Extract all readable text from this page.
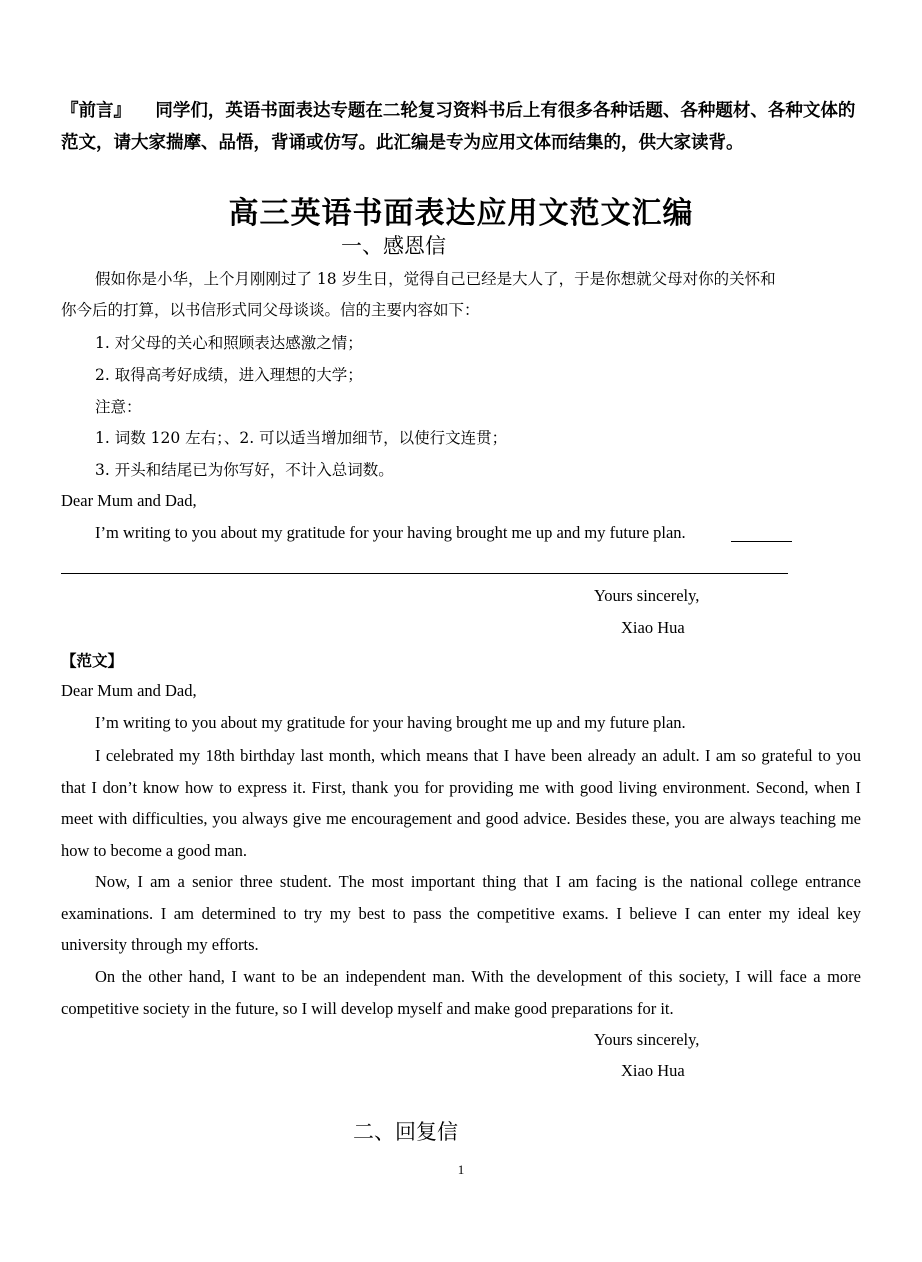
『前言』 同学们，英语书面表达专题在二轮复习资料书后上有很多各种话题、各种题材、各种文体的范文，请大家揣摩、品悟，背诵或仿写。此汇编是专为应用文体而结集的，供大家读背。
高三英语书面表达应用文范文汇编
一、感恩信
假如你是小华，上个月刚刚过了 18 岁生日，觉得自己已经是大人了，于是你想就父母对你的关怀和
你今后的打算，以书信形式同父母谈谈。信的主要内容如下：
1. 对父母的关心和照顾表达感激之情；
2. 取得高考好成绩，进入理想的大学；
注意：
1. 词数 120 左右；、2. 可以适当增加细节，以使行文连贯；
3. 开头和结尾已为你写好，不计入总词数。
Dear Mum and Dad,
I’m writing to you about my gratitude for your having brought me up and my future plan.
Yours sincerely,
Xiao Hua
【范文】
Dear Mum and Dad,
I’m writing to you about my gratitude for your having brought me up and my future plan.
I celebrated my 18th birthday last month, which means that I have been already an adult. I am so grateful to you that I don’t know how to express it. First, thank you for providing me with good living environment. Second, when I meet with difficulties, you always give me encouragement and good advice. Besides these, you are always teaching me how to become a good man.
Now, I am a senior three student. The most important thing that I am facing is the national college entrance examinations. I am determined to try my best to pass the competitive exams. I believe I can enter my ideal key university through my efforts.
On the other hand, I want to be an independent man. With the development of this society, I will face a more competitive society in the future, so I will develop myself and make good preparations for it.
Yours sincerely,
Xiao Hua
二、回复信
1
